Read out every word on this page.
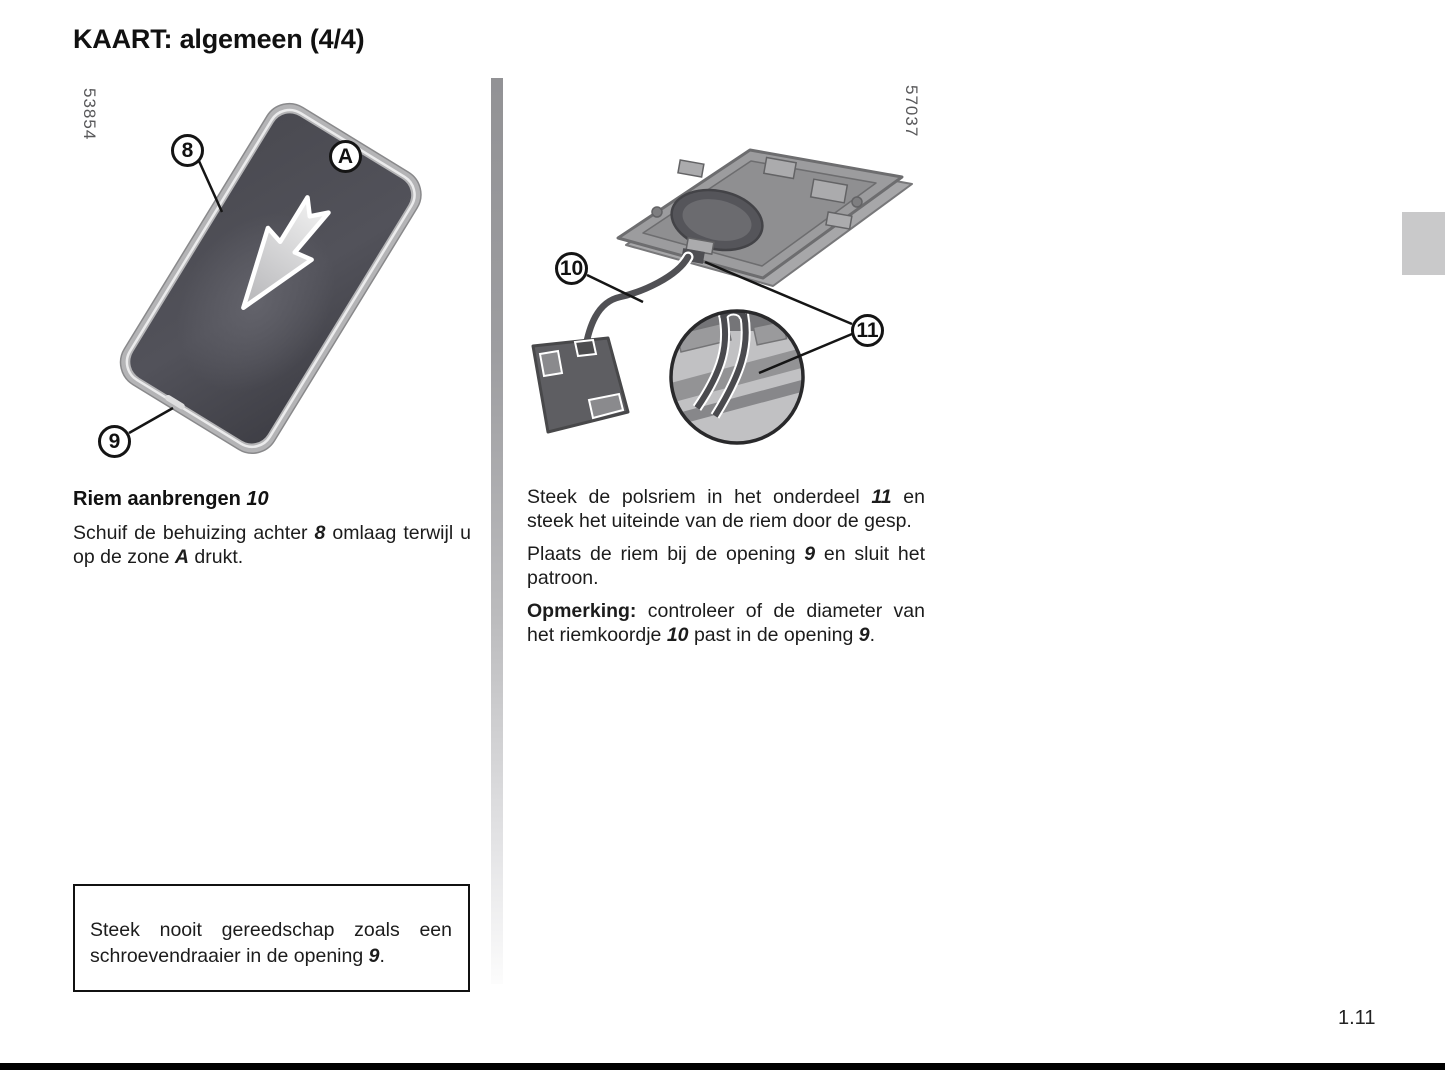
KAART: algemeen (4/4)
53854
8	A
9
57037
10
11
Riem aanbrengen 10

Schuif de behuizing achter 8 omlaag terwijl u op de zone A drukt.

Steek de polsriem in het onderdeel 11 en steek het uiteinde van de riem door de gesp.

Plaats de riem bij de opening 9 en sluit het patroon.

Opmerking: controleer of de diameter van het riemkoordje 10 past in de opening 9.

Steek nooit gereedschap zoals een schroevendraaier in de opening 9.
1.11
